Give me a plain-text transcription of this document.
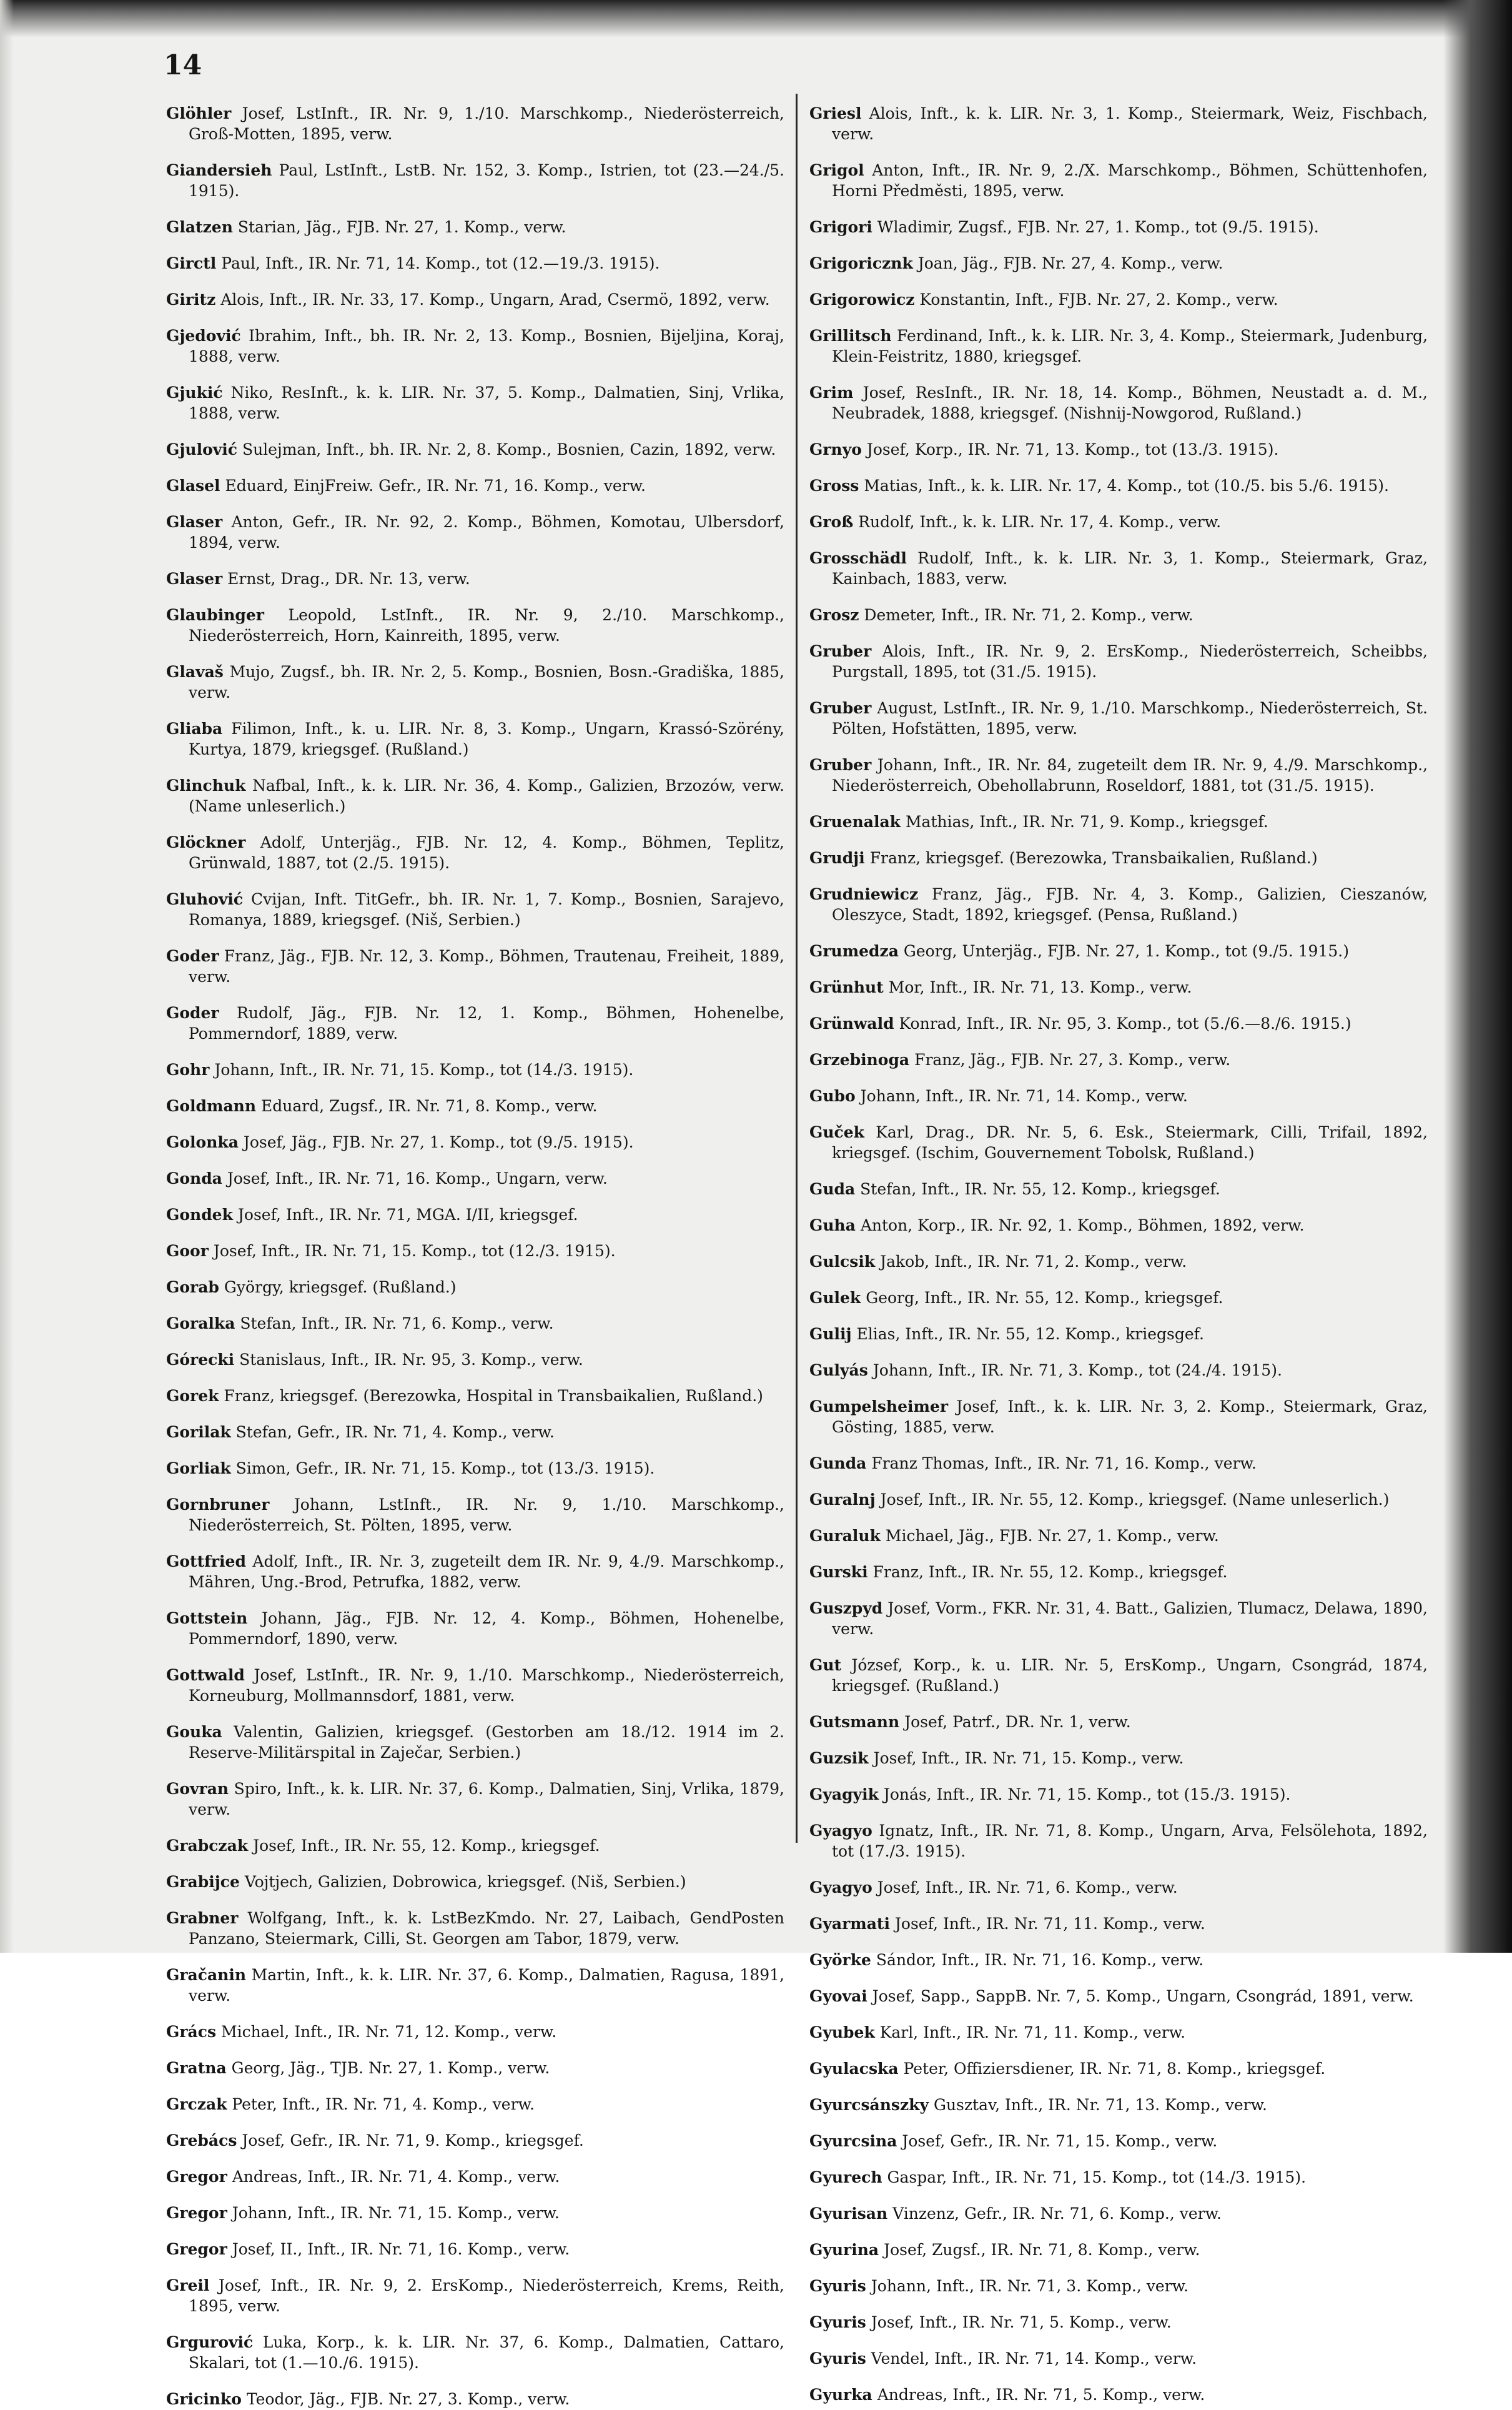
14

Glöhler Josef, LstInft., IR. Nr. 9, 1./10. Marschkomp., Niederösterreich, Groß-Motten, 1895, verw.

Giandersieh Paul, LstInft., LstB. Nr. 152, 3. Komp., Istrien, tot (23.—24./5. 1915).

Glatzen Starian, Jäg., FJB. Nr. 27, 1. Komp., verw.

Girctl Paul, Inft., IR. Nr. 71, 14. Komp., tot (12.—19./3. 1915).

Giritz Alois, Inft., IR. Nr. 33, 17. Komp., Ungarn, Arad, Csermö, 1892, verw.

Gjedović Ibrahim, Inft., bh. IR. Nr. 2, 13. Komp., Bosnien, Bijeljina, Koraj, 1888, verw.

Gjukić Niko, ResInft., k. k. LIR. Nr. 37, 5. Komp., Dalmatien, Sinj, Vrlika, 1888, verw.

Gjulović Sulejman, Inft., bh. IR. Nr. 2, 8. Komp., Bosnien, Cazin, 1892, verw.

Glasel Eduard, EinjFreiw. Gefr., IR. Nr. 71, 16. Komp., verw.

Glaser Anton, Gefr., IR. Nr. 92, 2. Komp., Böhmen, Komotau, Ulbersdorf, 1894, verw.

Glaser Ernst, Drag., DR. Nr. 13, verw.

Glaubinger Leopold, LstInft., IR. Nr. 9, 2./10. Marschkomp., Niederösterreich, Horn, Kainreith, 1895, verw.

Glavaš Mujo, Zugsf., bh. IR. Nr. 2, 5. Komp., Bosnien, Bosn.-Gradiška, 1885, verw.

Gliaba Filimon, Inft., k. u. LIR. Nr. 8, 3. Komp., Ungarn, Krassó-Szörény, Kurtya, 1879, kriegsgef. (Rußland.)

Glinchuk Nafbal, Inft., k. k. LIR. Nr. 36, 4. Komp., Galizien, Brzozów, verw. (Name unleserlich.)

Glöckner Adolf, Unterjäg., FJB. Nr. 12, 4. Komp., Böhmen, Teplitz, Grünwald, 1887, tot (2./5. 1915).

Gluhović Cvijan, Inft. TitGefr., bh. IR. Nr. 1, 7. Komp., Bosnien, Sarajevo, Romanya, 1889, kriegsgef. (Niš, Serbien.)

Goder Franz, Jäg., FJB. Nr. 12, 3. Komp., Böhmen, Trautenau, Freiheit, 1889, verw.

Goder Rudolf, Jäg., FJB. Nr. 12, 1. Komp., Böhmen, Hohenelbe, Pommerndorf, 1889, verw.

Gohr Johann, Inft., IR. Nr. 71, 15. Komp., tot (14./3. 1915).

Goldmann Eduard, Zugsf., IR. Nr. 71, 8. Komp., verw.

Golonka Josef, Jäg., FJB. Nr. 27, 1. Komp., tot (9./5. 1915).

Gonda Josef, Inft., IR. Nr. 71, 16. Komp., Ungarn, verw.

Gondek Josef, Inft., IR. Nr. 71, MGA. I/II, kriegsgef.

Goor Josef, Inft., IR. Nr. 71, 15. Komp., tot (12./3. 1915).

Gorab György, kriegsgef. (Rußland.)

Goralka Stefan, Inft., IR. Nr. 71, 6. Komp., verw.

Górecki Stanislaus, Inft., IR. Nr. 95, 3. Komp., verw.

Gorek Franz, kriegsgef. (Berezowka, Hospital in Transbaikalien, Rußland.)

Gorilak Stefan, Gefr., IR. Nr. 71, 4. Komp., verw.

Gorliak Simon, Gefr., IR. Nr. 71, 15. Komp., tot (13./3. 1915).

Gornbruner Johann, LstInft., IR. Nr. 9, 1./10. Marschkomp., Niederösterreich, St. Pölten, 1895, verw.

Gottfried Adolf, Inft., IR. Nr. 3, zugeteilt dem IR. Nr. 9, 4./9. Marschkomp., Mähren, Ung.-Brod, Petrufka, 1882, verw.

Gottstein Johann, Jäg., FJB. Nr. 12, 4. Komp., Böhmen, Hohenelbe, Pommerndorf, 1890, verw.

Gottwald Josef, LstInft., IR. Nr. 9, 1./10. Marschkomp., Niederösterreich, Korneuburg, Mollmannsdorf, 1881, verw.

Gouka Valentin, Galizien, kriegsgef. (Gestorben am 18./12. 1914 im 2. Reserve-Militärspital in Zaječar, Serbien.)

Govran Spiro, Inft., k. k. LIR. Nr. 37, 6. Komp., Dalmatien, Sinj, Vrlika, 1879, verw.

Grabczak Josef, Inft., IR. Nr. 55, 12. Komp., kriegsgef.

Grabijce Vojtjech, Galizien, Dobrowica, kriegsgef. (Niš, Serbien.)

Grabner Wolfgang, Inft., k. k. LstBezKmdo. Nr. 27, Laibach, GendPosten Panzano, Steiermark, Cilli, St. Georgen am Tabor, 1879, verw.

Gračanin Martin, Inft., k. k. LIR. Nr. 37, 6. Komp., Dalmatien, Ragusa, 1891, verw.

Grács Michael, Inft., IR. Nr. 71, 12. Komp., verw.

Gratna Georg, Jäg., TJB. Nr. 27, 1. Komp., verw.

Grczak Peter, Inft., IR. Nr. 71, 4. Komp., verw.

Grebács Josef, Gefr., IR. Nr. 71, 9. Komp., kriegsgef.

Gregor Andreas, Inft., IR. Nr. 71, 4. Komp., verw.

Gregor Johann, Inft., IR. Nr. 71, 15. Komp., verw.

Gregor Josef, II., Inft., IR. Nr. 71, 16. Komp., verw.

Greil Josef, Inft., IR. Nr. 9, 2. ErsKomp., Niederösterreich, Krems, Reith, 1895, verw.

Grgurović Luka, Korp., k. k. LIR. Nr. 37, 6. Komp., Dalmatien, Cattaro, Skalari, tot (1.—10./6. 1915).

Gricinko Teodor, Jäg., FJB. Nr. 27, 3. Komp., verw.

Griesl Alois, Inft., k. k. LIR. Nr. 3, 1. Komp., Steiermark, Weiz, Fischbach, verw.

Grigol Anton, Inft., IR. Nr. 9, 2./X. Marschkomp., Böhmen, Schüttenhofen, Horni Předměsti, 1895, verw.

Grigori Wladimir, Zugsf., FJB. Nr. 27, 1. Komp., tot (9./5. 1915).

Grigoricznk Joan, Jäg., FJB. Nr. 27, 4. Komp., verw.

Grigorowicz Konstantin, Inft., FJB. Nr. 27, 2. Komp., verw.

Grillitsch Ferdinand, Inft., k. k. LIR. Nr. 3, 4. Komp., Steiermark, Judenburg, Klein-Feistritz, 1880, kriegsgef.

Grim Josef, ResInft., IR. Nr. 18, 14. Komp., Böhmen, Neustadt a. d. M., Neubradek, 1888, kriegsgef. (Nishnij-Nowgorod, Rußland.)

Grnyo Josef, Korp., IR. Nr. 71, 13. Komp., tot (13./3. 1915).

Gross Matias, Inft., k. k. LIR. Nr. 17, 4. Komp., tot (10./5. bis 5./6. 1915).

Groß Rudolf, Inft., k. k. LIR. Nr. 17, 4. Komp., verw.

Grosschädl Rudolf, Inft., k. k. LIR. Nr. 3, 1. Komp., Steiermark, Graz, Kainbach, 1883, verw.

Grosz Demeter, Inft., IR. Nr. 71, 2. Komp., verw.

Gruber Alois, Inft., IR. Nr. 9, 2. ErsKomp., Niederösterreich, Scheibbs, Purgstall, 1895, tot (31./5. 1915).

Gruber August, LstInft., IR. Nr. 9, 1./10. Marschkomp., Niederösterreich, St. Pölten, Hofstätten, 1895, verw.

Gruber Johann, Inft., IR. Nr. 84, zugeteilt dem IR. Nr. 9, 4./9. Marschkomp., Niederösterreich, Obehollabrunn, Roseldorf, 1881, tot (31./5. 1915).

Gruenalak Mathias, Inft., IR. Nr. 71, 9. Komp., kriegsgef.

Grudji Franz, kriegsgef. (Berezowka, Transbaikalien, Rußland.)

Grudniewicz Franz, Jäg., FJB. Nr. 4, 3. Komp., Galizien, Cieszanów, Oleszyce, Stadt, 1892, kriegsgef. (Pensa, Rußland.)

Grumedza Georg, Unterjäg., FJB. Nr. 27, 1. Komp., tot (9./5. 1915.)

Grünhut Mor, Inft., IR. Nr. 71, 13. Komp., verw.

Grünwald Konrad, Inft., IR. Nr. 95, 3. Komp., tot (5./6.—8./6. 1915.)

Grzebinoga Franz, Jäg., FJB. Nr. 27, 3. Komp., verw.

Gubo Johann, Inft., IR. Nr. 71, 14. Komp., verw.

Guček Karl, Drag., DR. Nr. 5, 6. Esk., Steiermark, Cilli, Trifail, 1892, kriegsgef. (Ischim, Gouvernement Tobolsk, Rußland.)

Guda Stefan, Inft., IR. Nr. 55, 12. Komp., kriegsgef.

Guha Anton, Korp., IR. Nr. 92, 1. Komp., Böhmen, 1892, verw.

Gulcsik Jakob, Inft., IR. Nr. 71, 2. Komp., verw.

Gulek Georg, Inft., IR. Nr. 55, 12. Komp., kriegsgef.

Gulij Elias, Inft., IR. Nr. 55, 12. Komp., kriegsgef.

Gulyás Johann, Inft., IR. Nr. 71, 3. Komp., tot (24./4. 1915).

Gumpelsheimer Josef, Inft., k. k. LIR. Nr. 3, 2. Komp., Steiermark, Graz, Gösting, 1885, verw.

Gunda Franz Thomas, Inft., IR. Nr. 71, 16. Komp., verw.

Guralnj Josef, Inft., IR. Nr. 55, 12. Komp., kriegsgef. (Name unleserlich.)

Guraluk Michael, Jäg., FJB. Nr. 27, 1. Komp., verw.

Gurski Franz, Inft., IR. Nr. 55, 12. Komp., kriegsgef.

Guszpyd Josef, Vorm., FKR. Nr. 31, 4. Batt., Galizien, Tlumacz, Delawa, 1890, verw.

Gut József, Korp., k. u. LIR. Nr. 5, ErsKomp., Ungarn, Csongrád, 1874, kriegsgef. (Rußland.)

Gutsmann Josef, Patrf., DR. Nr. 1, verw.

Guzsik Josef, Inft., IR. Nr. 71, 15. Komp., verw.

Gyagyik Jonás, Inft., IR. Nr. 71, 15. Komp., tot (15./3. 1915).

Gyagyo Ignatz, Inft., IR. Nr. 71, 8. Komp., Ungarn, Arva, Felsölehota, 1892, tot (17./3. 1915).

Gyagyo Josef, Inft., IR. Nr. 71, 6. Komp., verw.

Gyarmati Josef, Inft., IR. Nr. 71, 11. Komp., verw.

Györke Sándor, Inft., IR. Nr. 71, 16. Komp., verw.

Gyovai Josef, Sapp., SappB. Nr. 7, 5. Komp., Ungarn, Csongrád, 1891, verw.

Gyubek Karl, Inft., IR. Nr. 71, 11. Komp., verw.

Gyulacska Peter, Offiziersdiener, IR. Nr. 71, 8. Komp., kriegsgef.

Gyurcsánszky Gusztav, Inft., IR. Nr. 71, 13. Komp., verw.

Gyurcsina Josef, Gefr., IR. Nr. 71, 15. Komp., verw.

Gyurech Gaspar, Inft., IR. Nr. 71, 15. Komp., tot (14./3. 1915).

Gyurisan Vinzenz, Gefr., IR. Nr. 71, 6. Komp., verw.

Gyurina Josef, Zugsf., IR. Nr. 71, 8. Komp., verw.

Gyuris Johann, Inft., IR. Nr. 71, 3. Komp., verw.

Gyuris Josef, Inft., IR. Nr. 71, 5. Komp., verw.

Gyuris Vendel, Inft., IR. Nr. 71, 14. Komp., verw.

Gyurka Andreas, Inft., IR. Nr. 71, 5. Komp., verw.
